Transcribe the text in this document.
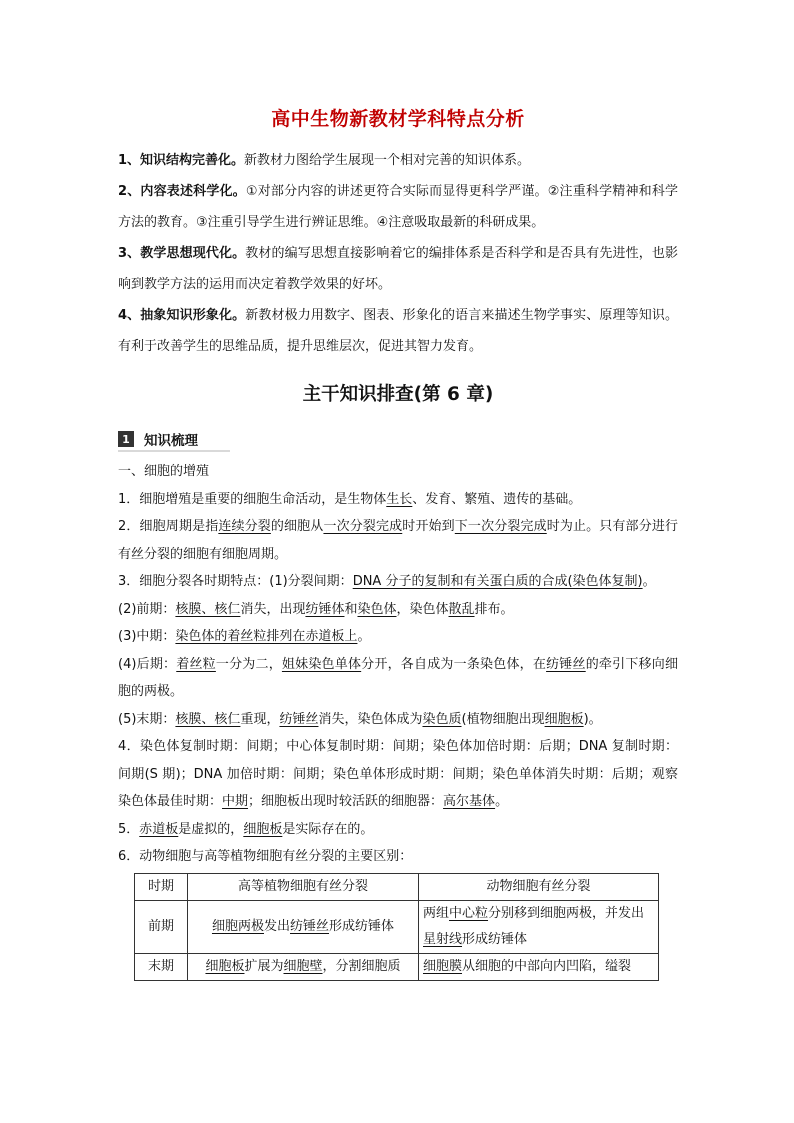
高中生物新教材学科特点分析

1、知识结构完善化。新教材力图给学生展现一个相对完善的知识体系。

2、内容表述科学化。①对部分内容的讲述更符合实际而显得更科学严谨。②注重科学精神和科学方法的教育。③注重引导学生进行辨证思维。④注意吸取最新的科研成果。

3、教学思想现代化。教材的编写思想直接影响着它的编排体系是否科学和是否具有先进性，也影响到教学方法的运用而决定着教学效果的好坏。

4、抽象知识形象化。新教材极力用数字、图表、形象化的语言来描述生物学事实、原理等知识。有利于改善学生的思维品质，提升思维层次，促进其智力发育。

主干知识排查(第 6 章)
1	知识梳理

一、细胞的增殖

1．细胞增殖是重要的细胞生命活动，是生物体生长、发育、繁殖、遗传的基础。

2．细胞周期是指连续分裂的细胞从一次分裂完成时开始到下一次分裂完成时为止。只有部分进行有丝分裂的细胞有细胞周期。

3．细胞分裂各时期特点：(1)分裂间期：DNA 分子的复制和有关蛋白质的合成(染色体复制)。

(2)前期：核膜、核仁消失，出现纺锤体和染色体，染色体散乱排布。

(3)中期：染色体的着丝粒排列在赤道板上。

(4)后期：着丝粒一分为二，姐妹染色单体分开，各自成为一条染色体，在纺锤丝的牵引下移向细胞的两极。

(5)末期：核膜、核仁重现，纺锤丝消失，染色体成为染色质(植物细胞出现细胞板)。

4．染色体复制时期：间期；中心体复制时期：间期；染色体加倍时期：后期；DNA 复制时期：间期(S 期)；DNA 加倍时期：间期；染色单体形成时期：间期；染色单体消失时期：后期；观察染色体最佳时期：中期；细胞板出现时较活跃的细胞器：高尔基体。

5．赤道板是虚拟的，细胞板是实际存在的。

6．动物细胞与高等植物细胞有丝分裂的主要区别：

时期	高等植物细胞有丝分裂	动物细胞有丝分裂
前期	细胞两极发出纺锤丝形成纺锤体	两组中心粒分别移到细胞两极，并发出星射线形成纺锤体
末期	细胞板扩展为细胞壁，分割细胞质	细胞膜从细胞的中部向内凹陷，缢裂
